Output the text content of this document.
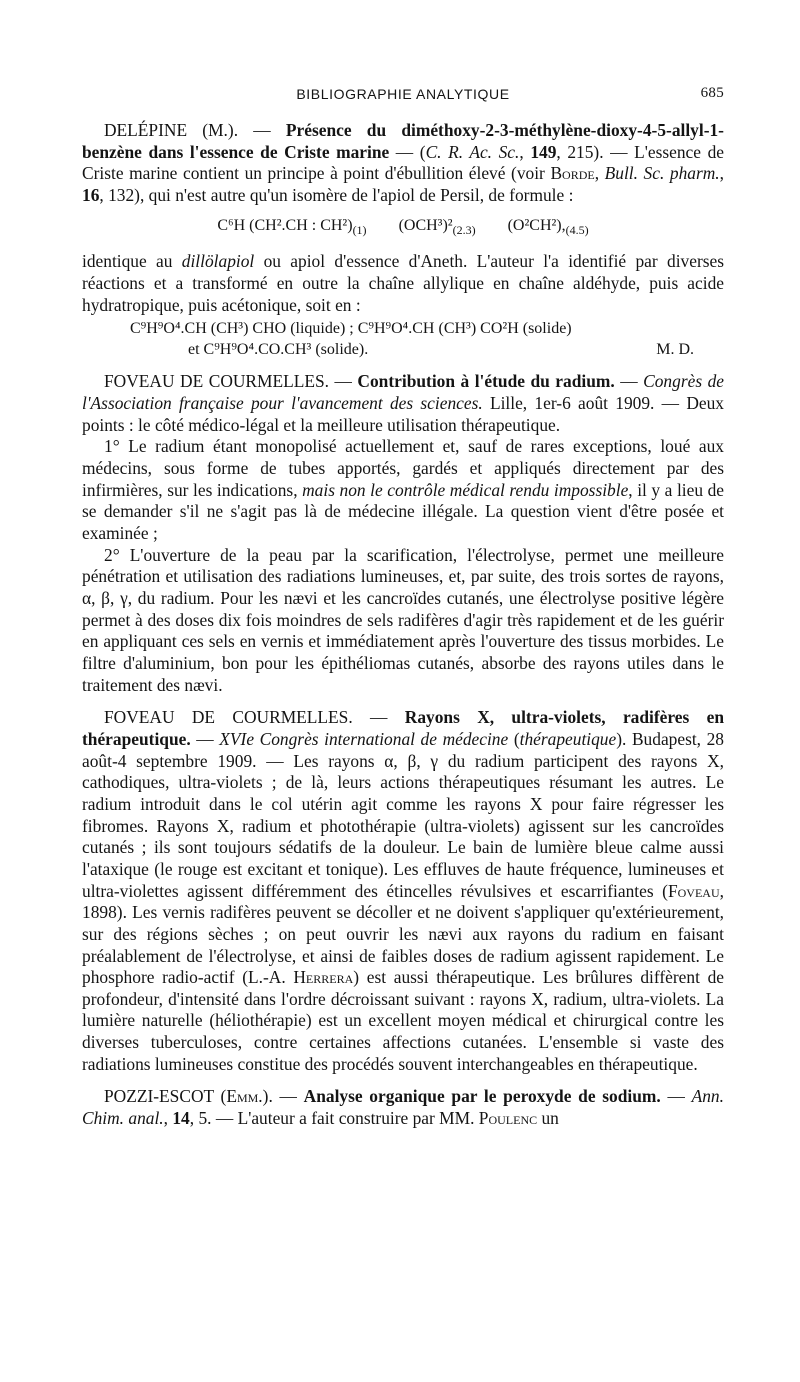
BIBLIOGRAPHIE ANALYTIQUE	685

DELÉPINE (M.). — Présence du diméthoxy-2-3-méthylène-dioxy-4-5-allyl-1-benzène dans l'essence de Criste marine — (C. R. Ac. Sc., 149, 215). — L'essence de Criste marine contient un principe à point d'ébullition élevé (voir Borde, Bull. Sc. pharm., 16, 132), qui n'est autre qu'un isomère de l'apiol de Persil, de formule :

C⁶H (CH².CH : $CH^2)_{(1)}$ $(OCH^3)^2_{(2.3)}$ $(O^2CH^2),_{(4.5)}$

identique au dillölapiol ou apiol d'essence d'Aneth. L'auteur l'a identifié par diverses réactions et a transformé en outre la chaîne allylique en chaîne aldéhyde, puis acide hydratropique, puis acétonique, soit en :

C⁹H⁹O⁴.CH (CH³) CHO (liquide) ; C⁹H⁹O⁴.CH (CH³) CO²H (solide)
et C⁹H⁹O⁴.CO.CH³ (solide).	M. D.

FOVEAU DE COURMELLES. — Contribution à l'étude du radium. — Congrès de l'Association française pour l'avancement des sciences. Lille, 1er-6 août 1909. — Deux points : le côté médico-légal et la meilleure utilisation thérapeutique.

1° Le radium étant monopolisé actuellement et, sauf de rares exceptions, loué aux médecins, sous forme de tubes apportés, gardés et appliqués directement par des infirmières, sur les indications, mais non le contrôle médical rendu impossible, il y a lieu de se demander s'il ne s'agit pas là de médecine illégale. La question vient d'être posée et examinée ;

2° L'ouverture de la peau par la scarification, l'électrolyse, permet une meilleure pénétration et utilisation des radiations lumineuses, et, par suite, des trois sortes de rayons, α, β, γ, du radium. Pour les nævi et les cancroïdes cutanés, une électrolyse positive légère permet à des doses dix fois moindres de sels radifères d'agir très rapidement et de les guérir en appliquant ces sels en vernis et immédiatement après l'ouverture des tissus morbides. Le filtre d'aluminium, bon pour les épithéliomas cutanés, absorbe des rayons utiles dans le traitement des nævi.

FOVEAU DE COURMELLES. — Rayons X, ultra-violets, radifères en thérapeutique. — XVIe Congrès international de médecine (thérapeutique). Budapest, 28 août-4 septembre 1909. — Les rayons α, β, γ du radium participent des rayons X, cathodiques, ultra-violets ; de là, leurs actions thérapeutiques résumant les autres. Le radium introduit dans le col utérin agit comme les rayons X pour faire régresser les fibromes. Rayons X, radium et photothérapie (ultra-violets) agissent sur les cancroïdes cutanés ; ils sont toujours sédatifs de la douleur. Le bain de lumière bleue calme aussi l'ataxique (le rouge est excitant et tonique). Les effluves de haute fréquence, lumineuses et ultra-violettes agissent différemment des étincelles révulsives et escarrifiantes (Foveau, 1898). Les vernis radifères peuvent se décoller et ne doivent s'appliquer qu'extérieurement, sur des régions sèches ; on peut ouvrir les nævi aux rayons du radium en faisant préalablement de l'électrolyse, et ainsi de faibles doses de radium agissent rapidement. Le phosphore radio-actif (L.-A. Herrera) est aussi thérapeutique. Les brûlures diffèrent de profondeur, d'intensité dans l'ordre décroissant suivant : rayons X, radium, ultra-violets. La lumière naturelle (héliothérapie) est un excellent moyen médical et chirurgical contre les diverses tuberculoses, contre certaines affections cutanées. L'ensemble si vaste des radiations lumineuses constitue des procédés souvent interchangeables en thérapeutique.

POZZI-ESCOT (Emm.). — Analyse organique par le peroxyde de sodium. — Ann. Chim. anal., 14, 5. — L'auteur a fait construire par MM. Poulenc un
